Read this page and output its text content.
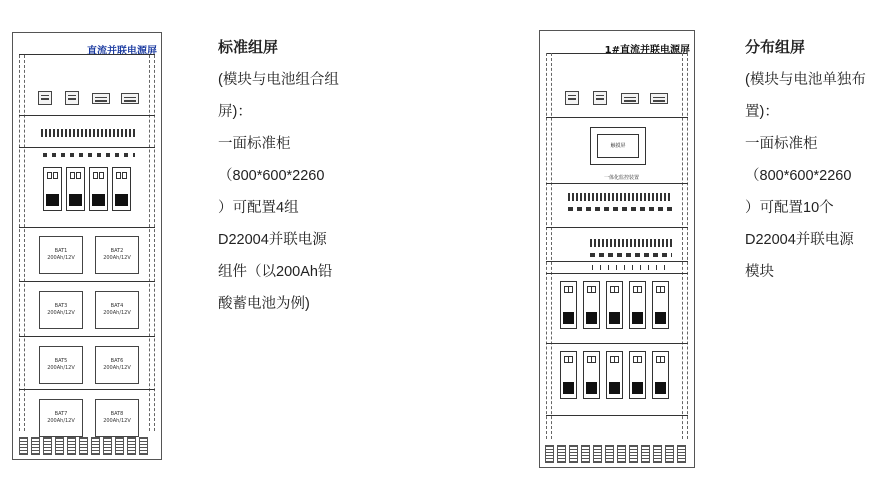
直流并联电源屏
BAT1
200Ah/12V
BAT2
200Ah/12V
BAT3
200Ah/12V
BAT4
200Ah/12V
BAT5
200Ah/12V
BAT6
200Ah/12V
BAT7
200Ah/12V
BAT8
200Ah/12V
标准组屏
(模块与电池组合组
屏)：
一面标准柜
（800*600*2260
）可配置4组
D22004并联电源
组件（以200Ah铅
酸蓄电池为例)
1#直流并联电源屏
触摸屏
一体化监控装置
分布组屏
(模块与电池单独布
置)：
一面标准柜
（800*600*2260
）可配置10个
D22004并联电源
模块
